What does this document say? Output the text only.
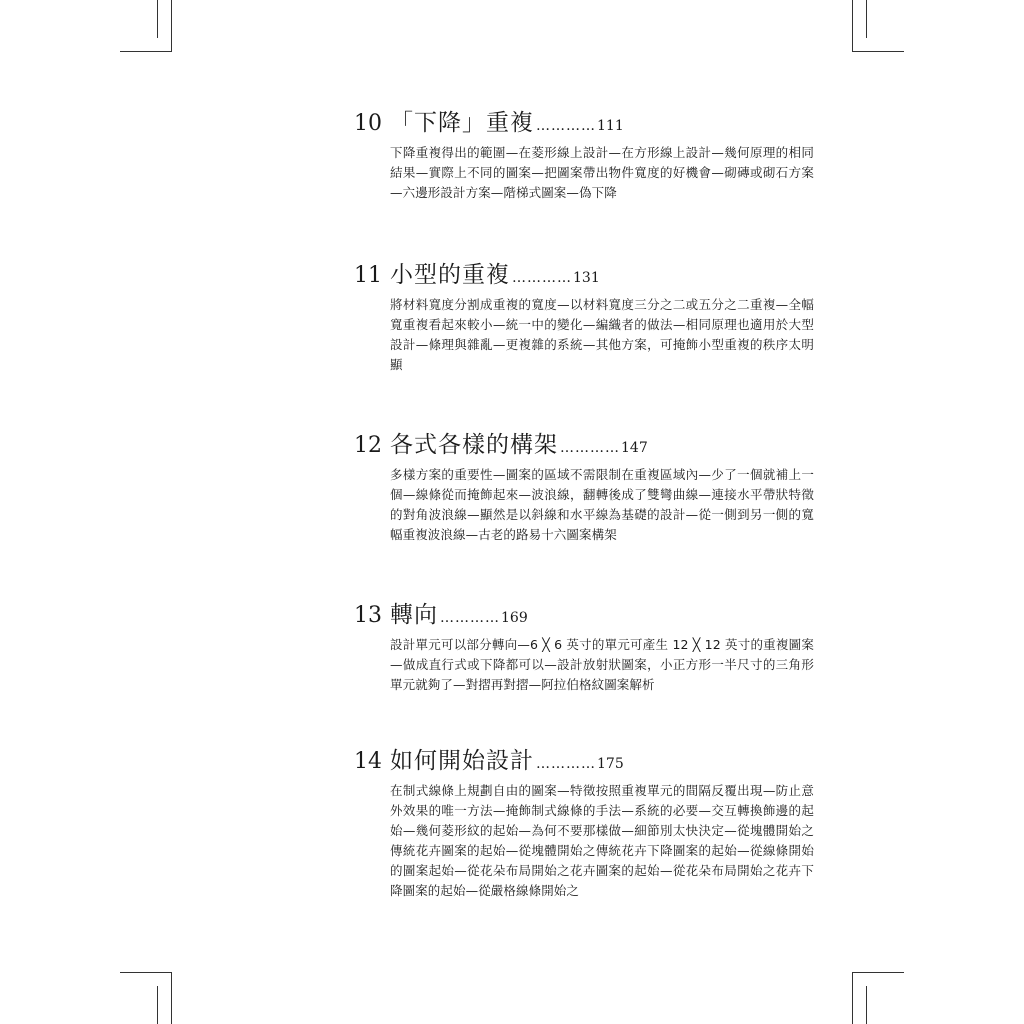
10 「下降」重複 ………… 111
下降重複得出的範圍—在菱形線上設計—在方形線上設計—幾何原理的相同結果—實際上不同的圖案—把圖案帶出物件寬度的好機會—砌磚或砌石方案—六邊形設計方案—階梯式圖案—偽下降
11 小型的重複 ………… 131
將材料寬度分割成重複的寬度—以材料寬度三分之二或五分之二重複—全幅寬重複看起來較小—統一中的變化—編織者的做法—相同原理也適用於大型設計—條理與雜亂—更複雜的系統—其他方案，可掩飾小型重複的秩序太明顯
12 各式各樣的構架 ………… 147
多樣方案的重要性—圖案的區域不需限制在重複區域內—少了一個就補上一個—線條從而掩飾起來—波浪線，翻轉後成了雙彎曲線—連接水平帶狀特徵的對角波浪線—顯然是以斜線和水平線為基礎的設計—從一側到另一側的寬幅重複波浪線—古老的路易十六圖案構架
13 轉向 ………… 169
設計單元可以部分轉向—6 ╳ 6 英寸的單元可產生 12 ╳ 12 英寸的重複圖案—做成直行式或下降都可以—設計放射狀圖案，小正方形一半尺寸的三角形單元就夠了—對摺再對摺—阿拉伯格紋圖案解析
14 如何開始設計 ………… 175
在制式線條上規劃自由的圖案—特徵按照重複單元的間隔反覆出現—防止意外效果的唯一方法—掩飾制式線條的手法—系統的必要—交互轉換飾邊的起始—幾何菱形紋的起始—為何不要那樣做—細節別太快決定—從塊體開始之傳統花卉圖案的起始—從塊體開始之傳統花卉下降圖案的起始—從線條開始的圖案起始—從花朵布局開始之花卉圖案的起始—從花朵布局開始之花卉下降圖案的起始—從嚴格線條開始之
